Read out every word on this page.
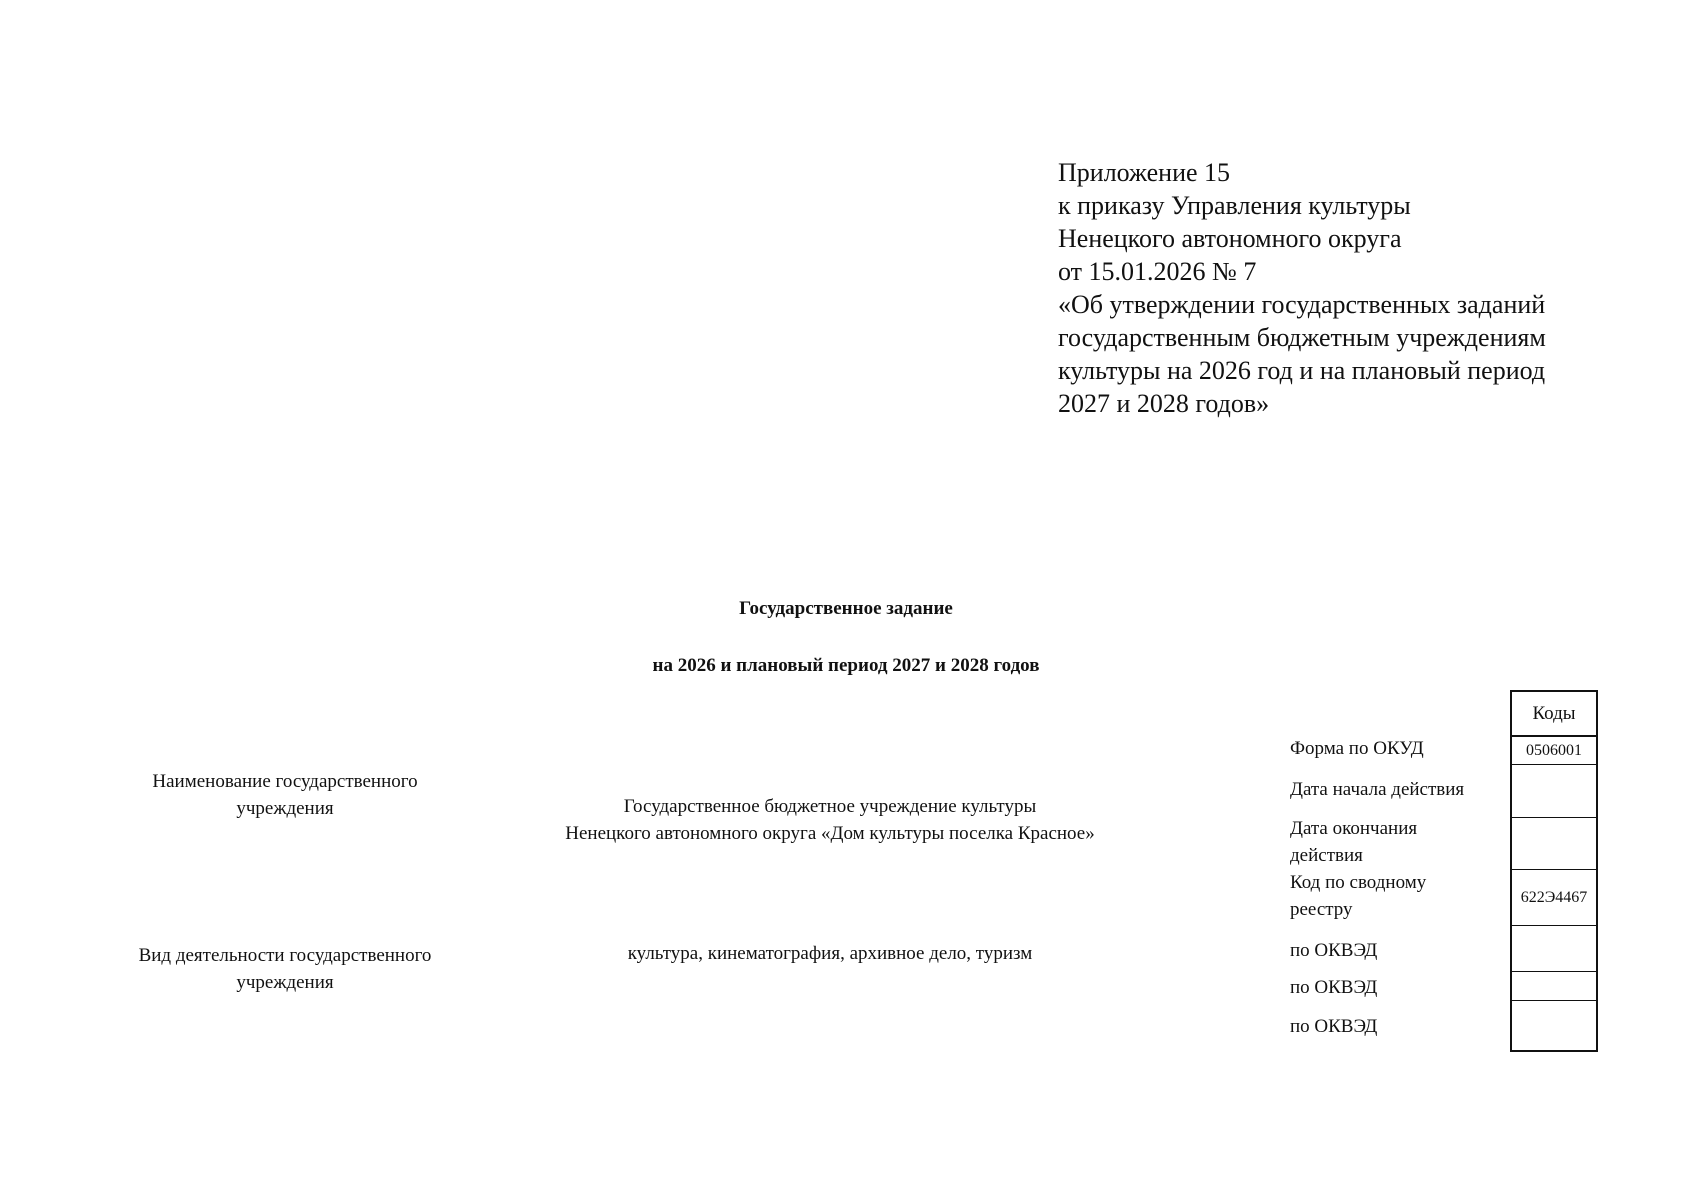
Приложение 15
к приказу Управления культуры
Ненецкого автономного округа
от 15.01.2026 № 7
«Об утверждении государственных заданий
государственным бюджетным учреждениям
культуры на 2026 год и на плановый период
2027 и 2028 годов»
Государственное задание
на 2026 и плановый период 2027 и 2028 годов
Наименование государственного
учреждения	Государственное бюджетное учреждение культуры
Ненецкого автономного округа «Дом культуры поселка Красное»
Вид деятельности государственного
учреждения
культура, кинематография, архивное дело, туризм
Форма по ОКУД
Дата начала действия
Дата окончания
действия
Код по сводному
реестру
по ОКВЭД
по ОКВЭД
по ОКВЭД
Коды
0506001
622Э4467
